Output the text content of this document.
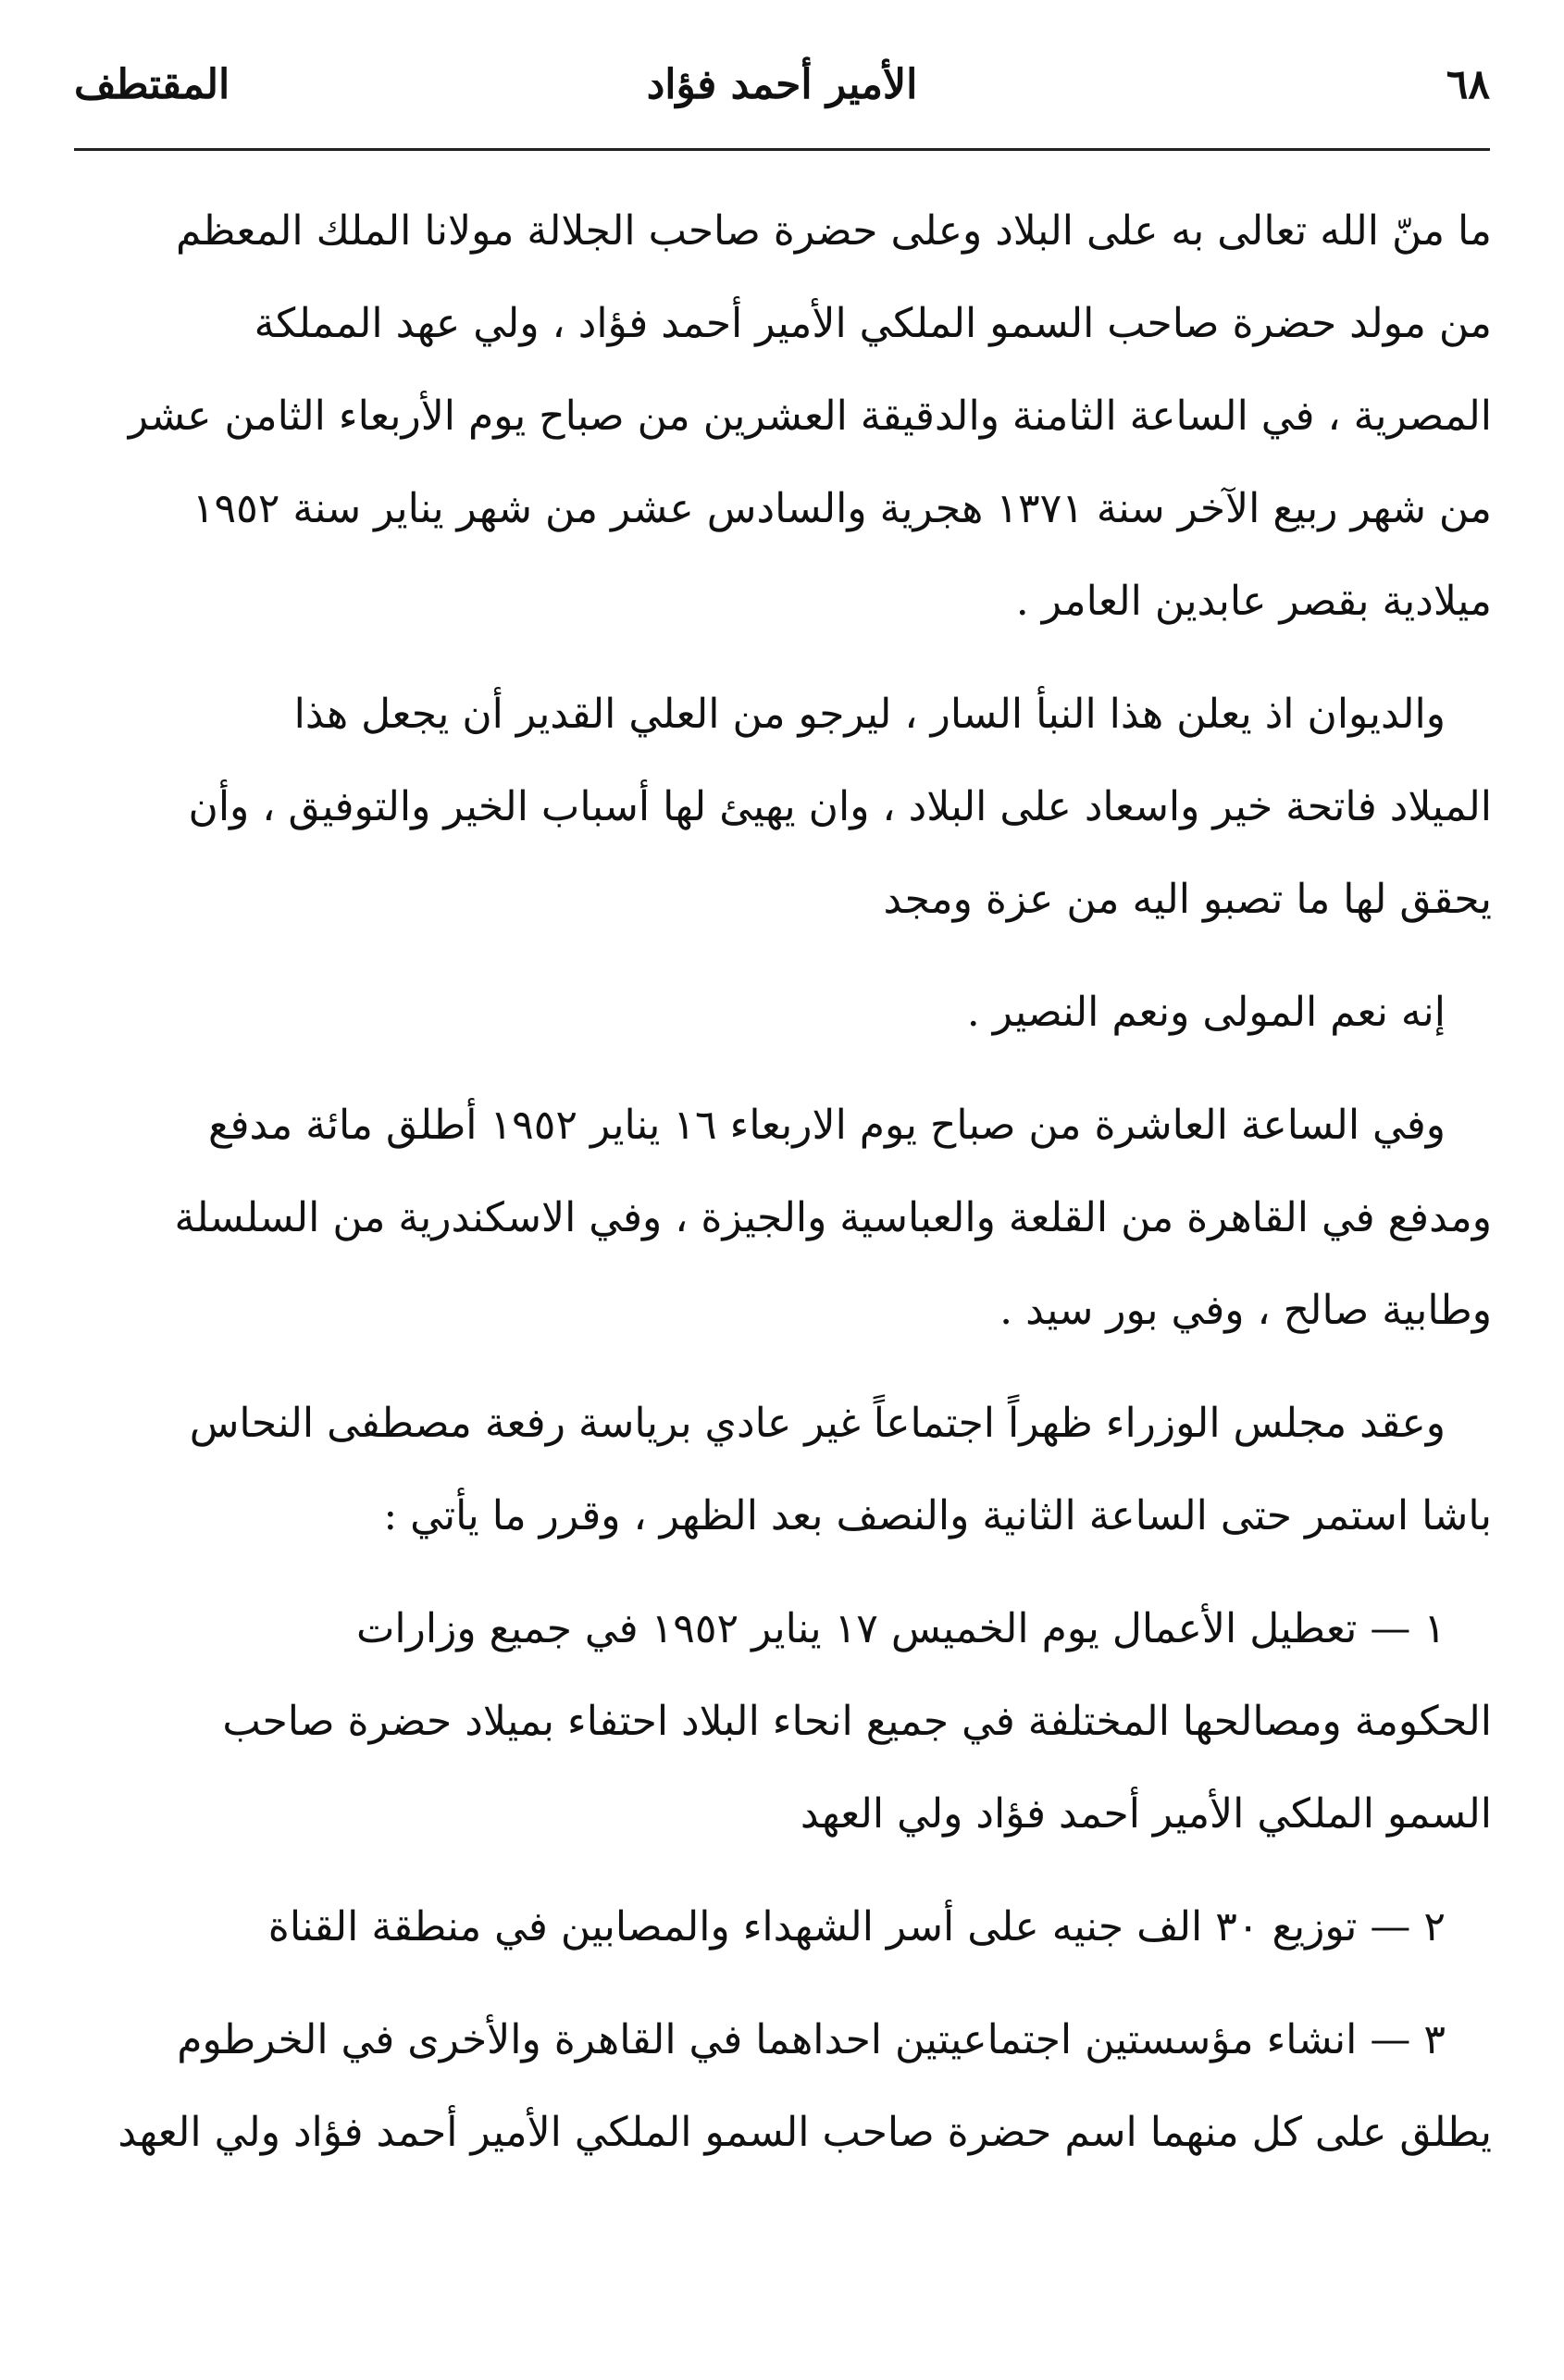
٦٨
الأمير أحمد فؤاد
المقتطف
ما منّ الله تعالى به على البلاد وعلى حضرة صاحب الجلالة مولانا الملك المعظم
من مولد حضرة صاحب السمو الملكي الأمير أحمد فؤاد ، ولي عهد المملكة
المصرية ، في الساعة الثامنة والدقيقة العشرين من صباح يوم الأربعاء الثامن عشر
من شهر ربيع الآخر سنة ١٣٧١ هجرية والسادس عشر من شهر يناير سنة ١٩٥٢
ميلادية بقصر عابدين العامر .
والديوان اذ يعلن هذا النبأ السار ، ليرجو من العلي القدير أن يجعل هذا
الميلاد فاتحة خير واسعاد على البلاد ، وان يهيئ لها أسباب الخير والتوفيق ، وأن
يحقق لها ما تصبو اليه من عزة ومجد
إنه نعم المولى ونعم النصير .
وفي الساعة العاشرة من صباح يوم الاربعاء ١٦ يناير ١٩٥٢ أطلق مائة مدفع
ومدفع في القاهرة من القلعة والعباسية والجيزة ، وفي الاسكندرية من السلسلة
وطابية صالح ، وفي بور سيد .
وعقد مجلس الوزراء ظهراً اجتماعاً غير عادي برياسة رفعة مصطفى النحاس
باشا استمر حتى الساعة الثانية والنصف بعد الظهر ، وقرر ما يأتي :
١ — تعطيل الأعمال يوم الخميس ١٧ يناير ١٩٥٢ في جميع وزارات
الحكومة ومصالحها المختلفة في جميع انحاء البلاد احتفاء بميلاد حضرة صاحب
السمو الملكي الأمير أحمد فؤاد ولي العهد
٢ — توزيع ٣٠ الف جنيه على أسر الشهداء والمصابين في منطقة القناة
٣ — انشاء مؤسستين اجتماعيتين احداهما في القاهرة والأخرى في الخرطوم
يطلق على كل منهما اسم حضرة صاحب السمو الملكي الأمير أحمد فؤاد ولي العهد
